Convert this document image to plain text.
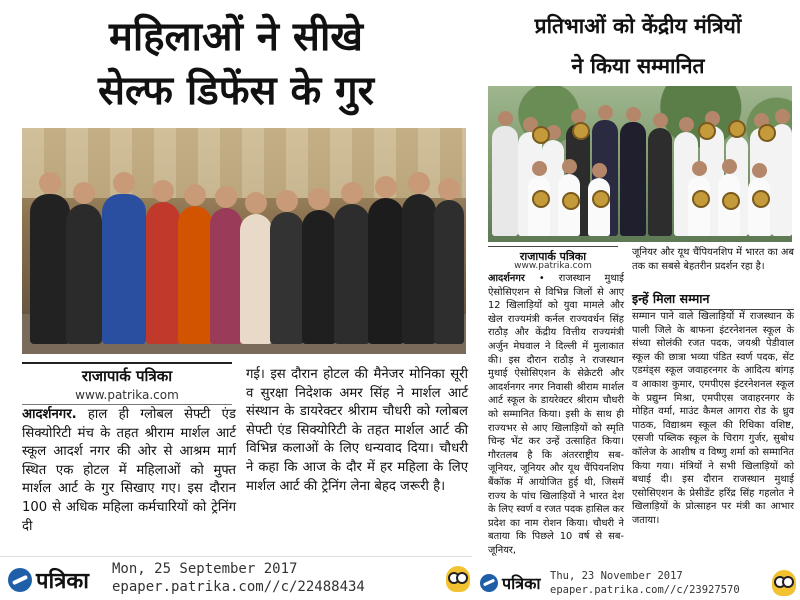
महिलाओं ने सीखे
सेल्फ डिफेंस के गुर
राजापार्क पत्रिका
www.patrika.com
आदर्शनगर. हाल ही ग्लोबल सेफ्टी एंड सिक्योरिटी मंच के तहत श्रीराम मार्शल आर्ट स्कूल आदर्श नगर की ओर से आश्रम मार्ग स्थित एक होटल में महिलाओं को मुफ्त मार्शल आर्ट के गुर सिखाए गए। इस दौरान 100 से अधिक महिला कर्मचारियों को ट्रेनिंग दी
गई। इस दौरान होटल की मैनेजर मोनिका सूरी व सुरक्षा निदेशक अमर सिंह ने मार्शल आर्ट संस्थान के डायरेक्टर श्रीराम चौधरी को ग्लोबल सेफ्टी एंड सिक्योरिटी के तहत मार्शल आर्ट की विभिन्न कलाओं के लिए धन्यवाद दिया। चौधरी ने कहा कि आज के दौर में हर महिला के लिए मार्शल आर्ट की ट्रेनिंग लेना बेहद जरूरी है।
पत्रिका Mon, 25 September 2017
epaper.patrika.com//c/22488434
प्रतिभाओं को केंद्रीय मंत्रियों
ने किया सम्मानित
राजापार्क पत्रिका
www.patrika.com
आदर्शनगर • राजस्थान मुथाई ऐसोसिएशन से विभिन्न जिलों से आए 12 खिलाड़ियों को युवा मामले और खेल राज्यमंत्री कर्नल राज्यवर्धन सिंह राठौड़ और केंद्रीय वित्तीय राज्यमंत्री अर्जुन मेघवाल ने दिल्ली में मुलाकात की। इस दौरान राठौड़ ने राजस्थान मुथाई ऐसोसिएशन के सेक्रेटरी और आदर्शनगर नगर निवासी श्रीराम मार्शल आर्ट स्कूल के डायरेक्टर श्रीराम चौधरी को सम्मानित किया। इसी के साथ ही राज्यभर से आए खिलाड़ियों को स्मृति चिन्ह भेंट कर उन्हें उत्साहित किया। गौरतलब है कि अंतरराष्ट्रीय सब-जूनियर, जूनियर और यूथ चैंपियनशिप बैंकॉक में आयोजित हुई थी, जिसमें राज्य के पांच खिलाड़ियों ने भारत देश के लिए स्वर्ण व रजत पदक हासिल कर प्रदेश का नाम रोशन किया। चौधरी ने बताया कि पिछले 10 वर्ष से सब-जूनियर,
जूनियर और यूथ चैंपियनशिप में भारत का अब तक का सबसे बेहतरीन प्रदर्शन रहा है।
इन्हें मिला सम्मान
सम्मान पाने वाले खिलाड़ियों में राजस्थान के पाली जिले के बाफना इंटरनेशनल स्कूल के संध्या सोलंकी रजत पदक, जयश्री पेडीवाल स्कूल की छात्रा भव्या पंडित स्वर्ण पदक, सेंट एडमंड्स स्कूल जवाहरनगर के आदित्य बांगड़ व आकाश कुमार, एमपीएस इंटरनेशनल स्कूल के प्रद्युम्न मिश्रा, एमपीएस जवाहरनगर के मोहित वर्मा, माउंट कैमल आगरा रोड के ध्रुव पाठक, विद्याश्रम स्कूल की रिधिका वशिष्ट, एसजी पब्लिक स्कूल के चिराग गुर्जर, सुबोध कॉलेज के आशीष व विष्णु शर्मा को सम्मानित किया गया। मंत्रियों ने सभी खिलाड़ियों को बधाई दी। इस दौरान राजस्थान मुथाई एसोसिएशन के प्रेसीडेंट हरिंद्र सिंह गहलोत ने खिलाड़ियों के प्रोत्साहन पर मंत्री का आभार जताया।
पत्रिका Thu, 23 November 2017
epaper.patrika.com//c/23927570
